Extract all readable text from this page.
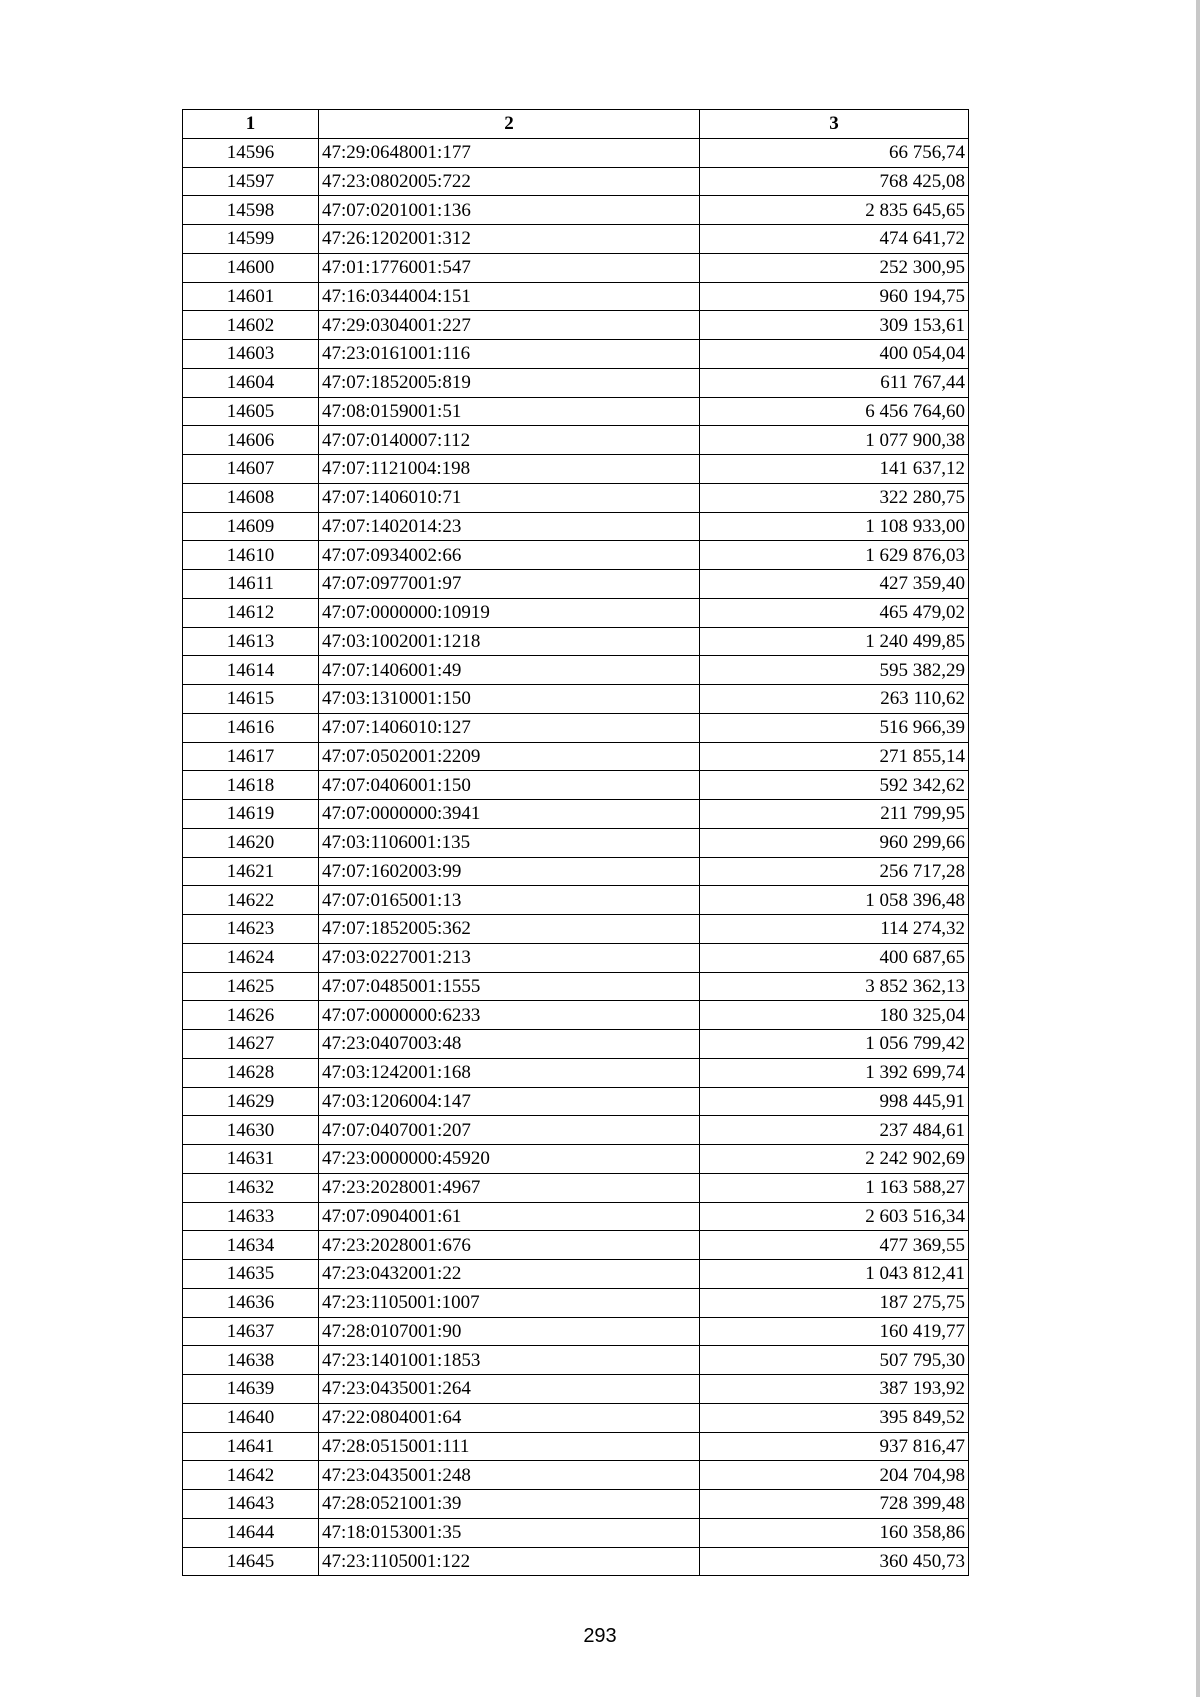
1	2	3
14596	47:29:0648001:177	66 756,74
14597	47:23:0802005:722	768 425,08
14598	47:07:0201001:136	2 835 645,65
14599	47:26:1202001:312	474 641,72
14600	47:01:1776001:547	252 300,95
14601	47:16:0344004:151	960 194,75
14602	47:29:0304001:227	309 153,61
14603	47:23:0161001:116	400 054,04
14604	47:07:1852005:819	611 767,44
14605	47:08:0159001:51	6 456 764,60
14606	47:07:0140007:112	1 077 900,38
14607	47:07:1121004:198	141 637,12
14608	47:07:1406010:71	322 280,75
14609	47:07:1402014:23	1 108 933,00
14610	47:07:0934002:66	1 629 876,03
14611	47:07:0977001:97	427 359,40
14612	47:07:0000000:10919	465 479,02
14613	47:03:1002001:1218	1 240 499,85
14614	47:07:1406001:49	595 382,29
14615	47:03:1310001:150	263 110,62
14616	47:07:1406010:127	516 966,39
14617	47:07:0502001:2209	271 855,14
14618	47:07:0406001:150	592 342,62
14619	47:07:0000000:3941	211 799,95
14620	47:03:1106001:135	960 299,66
14621	47:07:1602003:99	256 717,28
14622	47:07:0165001:13	1 058 396,48
14623	47:07:1852005:362	114 274,32
14624	47:03:0227001:213	400 687,65
14625	47:07:0485001:1555	3 852 362,13
14626	47:07:0000000:6233	180 325,04
14627	47:23:0407003:48	1 056 799,42
14628	47:03:1242001:168	1 392 699,74
14629	47:03:1206004:147	998 445,91
14630	47:07:0407001:207	237 484,61
14631	47:23:0000000:45920	2 242 902,69
14632	47:23:2028001:4967	1 163 588,27
14633	47:07:0904001:61	2 603 516,34
14634	47:23:2028001:676	477 369,55
14635	47:23:0432001:22	1 043 812,41
14636	47:23:1105001:1007	187 275,75
14637	47:28:0107001:90	160 419,77
14638	47:23:1401001:1853	507 795,30
14639	47:23:0435001:264	387 193,92
14640	47:22:0804001:64	395 849,52
14641	47:28:0515001:111	937 816,47
14642	47:23:0435001:248	204 704,98
14643	47:28:0521001:39	728 399,48
14644	47:18:0153001:35	160 358,86
14645	47:23:1105001:122	360 450,73
293
